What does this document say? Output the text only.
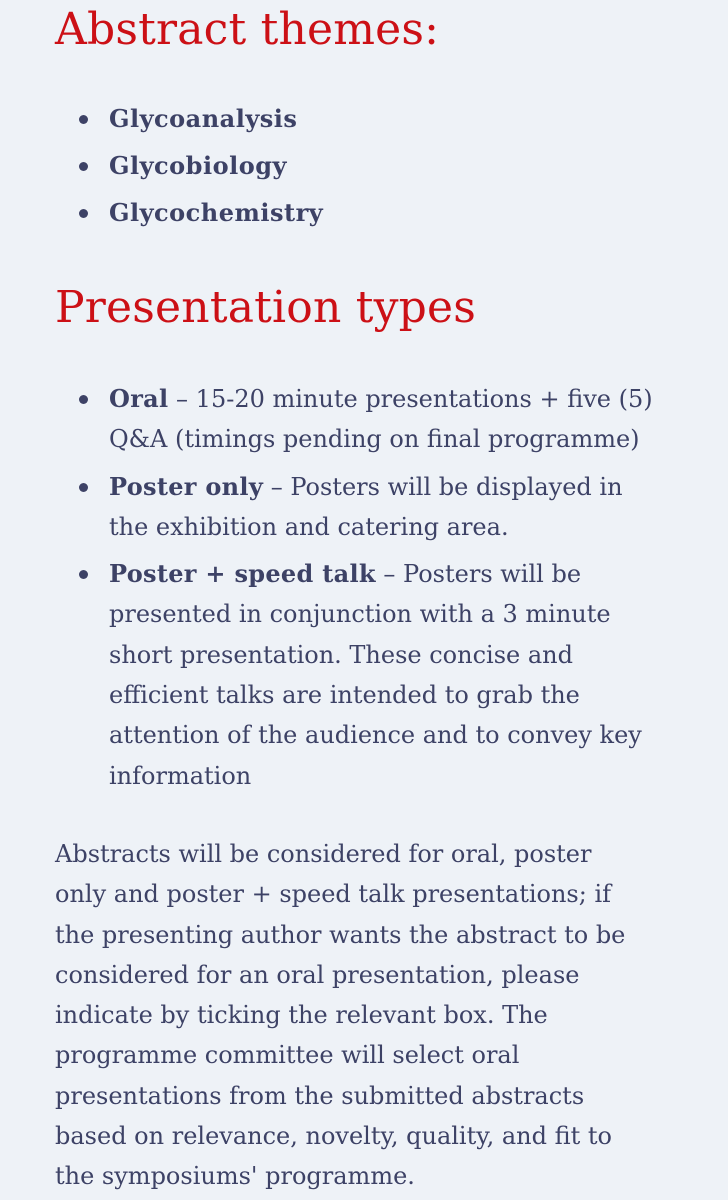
Abstract themes:
Glycoanalysis
Glycobiology
Glycochemistry
Presentation types
Oral – 15-20 minute presentations + five (5)
Q&A (timings pending on final programme)
Poster only – Posters will be displayed in
the exhibition and catering area.
Poster + speed talk – Posters will be
presented in conjunction with a 3 minute
short presentation. These concise and
efficient talks are intended to grab the
attention of the audience and to convey key
information

Abstracts will be considered for oral, poster
only and poster + speed talk presentations; if
the presenting author wants the abstract to be
considered for an oral presentation, please
indicate by ticking the relevant box. The
programme committee will select oral
presentations from the submitted abstracts
based on relevance, novelty, quality, and fit to
the symposiums' programme.
